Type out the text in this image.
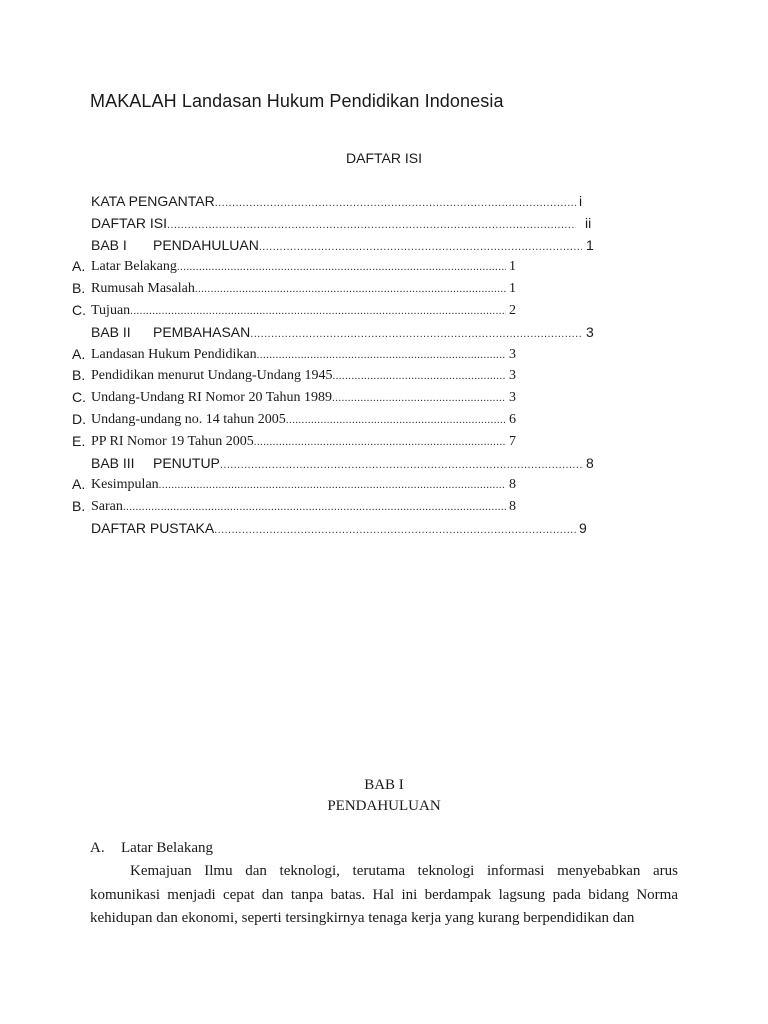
MAKALAH Landasan Hukum Pendidikan Indonesia
DAFTAR ISI
KATA PENGANTAR .....	i
DAFTAR ISI .....	ii
BAB I PENDAHULUAN .....	1
A. Latar Belakang .....	1
B. Rumusah Masalah .....	1
C. Tujuan .....	2
BAB II PEMBAHASAN .....	3
A. Landasan Hukum Pendidikan .....	3
B. Pendidikan menurut Undang-Undang 1945 .....	3
C. Undang-Undang RI Nomor 20 Tahun 1989 .....	3
D. Undang-undang no. 14 tahun 2005 .....	6
E. PP RI Nomor 19 Tahun 2005 .....	7
BAB III PENUTUP .....	8
A. Kesimpulan .....	8
B. Saran .....	8
DAFTAR PUSTAKA .....	9
BAB I
PENDAHULUAN
A. Latar Belakang

Kemajuan Ilmu dan teknologi, terutama teknologi informasi menyebabkan arus komunikasi menjadi cepat dan tanpa batas. Hal ini berdampak lagsung pada bidang Norma kehidupan dan ekonomi, seperti tersingkirnya tenaga kerja yang kurang berpendidikan dan
